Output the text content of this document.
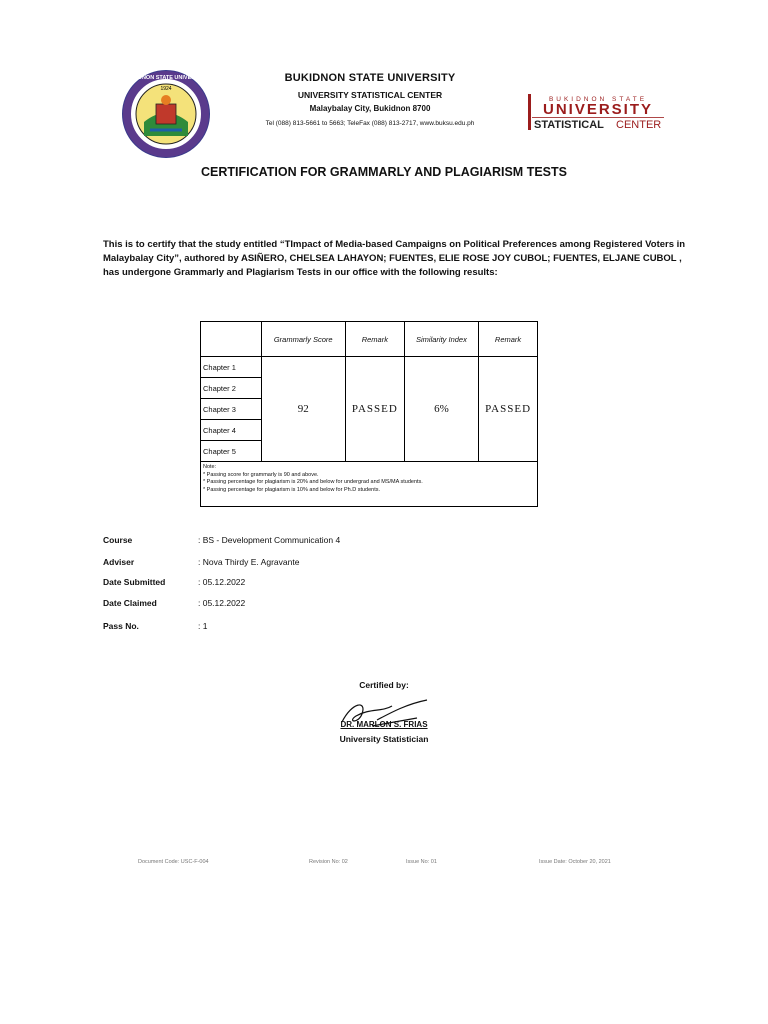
1924
BUKIDNON STATE UNIVERSITY	BUKIDNON STATE UNIVERSITY
UNIVERSITY STATISTICAL CENTER
Malaybalay City, Bukidnon 8700
Tel (088) 813-5661 to 5663; TeleFax (088) 813-2717, www.buksu.edu.ph
BUKIDNON STATE
UNIVERSITY
STATISTICAL CENTER
CERTIFICATION FOR GRAMMARLY AND PLAGIARISM TESTS
This is to certify that the study entitled “TImpact of Media-based Campaigns on Political Preferences among Registered Voters in Malaybalay City”, authored by ASIÑERO, CHELSEA LAHAYON; FUENTES, ELIE ROSE JOY CUBOL; FUENTES, ELJANE CUBOL , has undergone Grammarly and Plagiarism Tests in our office with the following results:
	Grammarly Score	Remark	Similarity Index	Remark
Chapter 1	92	PASSED	6%	PASSED
Chapter 2				
Chapter 3				
Chapter 4				
Chapter 5				

Note:
* Passing score for grammarly is 90 and above.
* Passing percentage for plagiarism is 20% and below for undergrad and MS/MA students.
* Passing percentage for plagiarism is 10% and below for Ph.D students.				
Course	: BS - Development Communication 4
Adviser	: Nova Thirdy E. Agravante
Date Submitted	: 05.12.2022
Date Claimed	: 05.12.2022
Pass No.	: 1
Certified by:
DR. MARLON S. FRIAS
University Statistician
Document Code: USC-F-004	Revision No: 02	Issue No: 01	Issue Date: October 20, 2021
